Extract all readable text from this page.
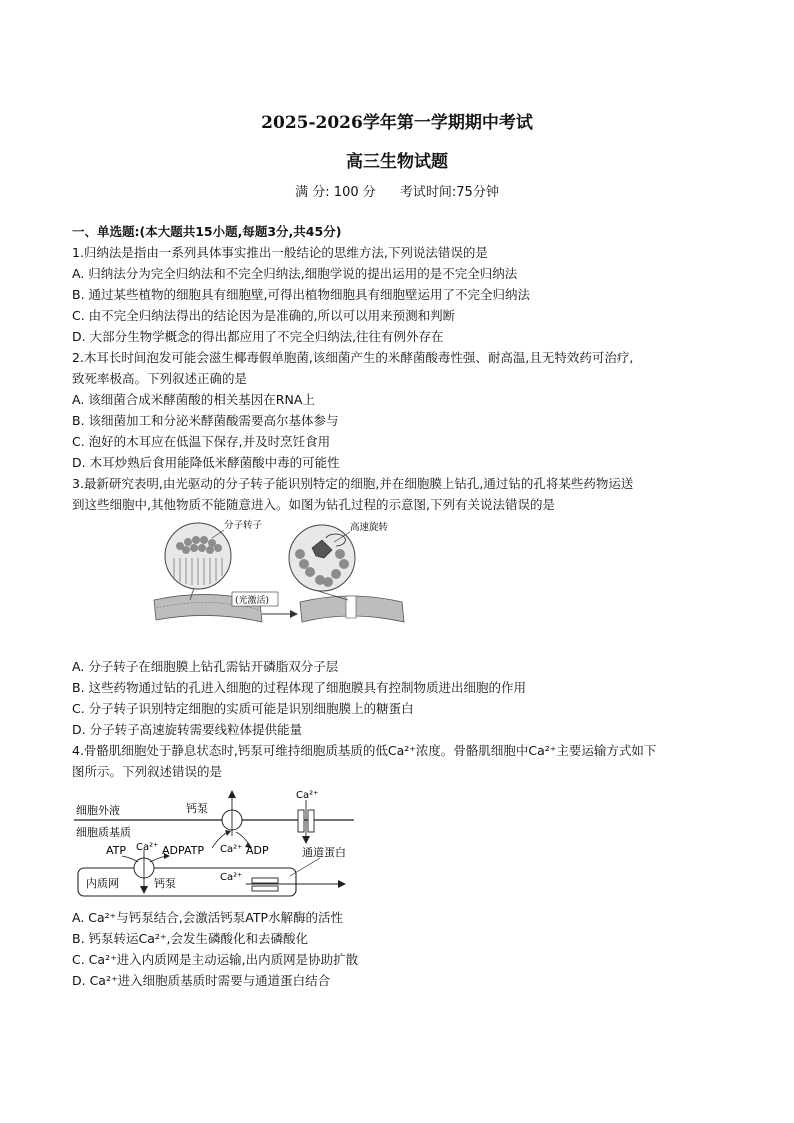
2025-2026学年第一学期期中考试
高三生物试题
满 分: 100 分 考试时间:75分钟
一、单选题:(本大题共15小题,每题3分,共45分)
1.归纳法是指由一系列具体事实推出一般结论的思维方法,下列说法错误的是
A. 归纳法分为完全归纳法和不完全归纳法,细胞学说的提出运用的是不完全归纳法
B. 通过某些植物的细胞具有细胞壁,可得出植物细胞具有细胞壁运用了不完全归纳法
C. 由不完全归纳法得出的结论因为是准确的,所以可以用来预测和判断
D. 大部分生物学概念的得出都应用了不完全归纳法,往往有例外存在
2.木耳长时间泡发可能会滋生椰毒假单胞菌,该细菌产生的米酵菌酸毒性强、耐高温,且无特效药可治疗,
致死率极高。下列叙述正确的是
A. 该细菌合成米酵菌酸的相关基因在RNA上
B. 该细菌加工和分泌米酵菌酸需要高尔基体参与
C. 泡好的木耳应在低温下保存,并及时烹饪食用
D. 木耳炒熟后食用能降低米酵菌酸中毒的可能性
3.最新研究表明,由光驱动的分子转子能识别特定的细胞,并在细胞膜上钻孔,通过钻的孔将某些药物运送
到这些细胞中,其他物质不能随意进入。如图为钻孔过程的示意图,下列有关说法错误的是
分子转子
(光激活)
高速旋转
A. 分子转子在细胞膜上钻孔需钻开磷脂双分子层
B. 这些药物通过钻的孔进入细胞的过程体现了细胞膜具有控制物质进出细胞的作用
C. 分子转子识别特定细胞的实质可能是识别细胞膜上的糖蛋白
D. 分子转子高速旋转需要线粒体提供能量
4.骨骼肌细胞处于静息状态时,钙泵可维持细胞质基质的低Ca²⁺浓度。骨骼肌细胞中Ca²⁺主要运输方式如下
图所示。下列叙述错误的是
细胞外液
细胞质基质
钙泵
ATP Ca²⁺ ADP
Ca²⁺
通道蛋白
内质网
ATP Ca²⁺ ADP
钙泵	Ca²⁺
A. Ca²⁺与钙泵结合,会激活钙泵ATP水解酶的活性
B. 钙泵转运Ca²⁺,会发生磷酸化和去磷酸化
C. Ca²⁺进入内质网是主动运输,出内质网是协助扩散
D. Ca²⁺进入细胞质基质时需要与通道蛋白结合
